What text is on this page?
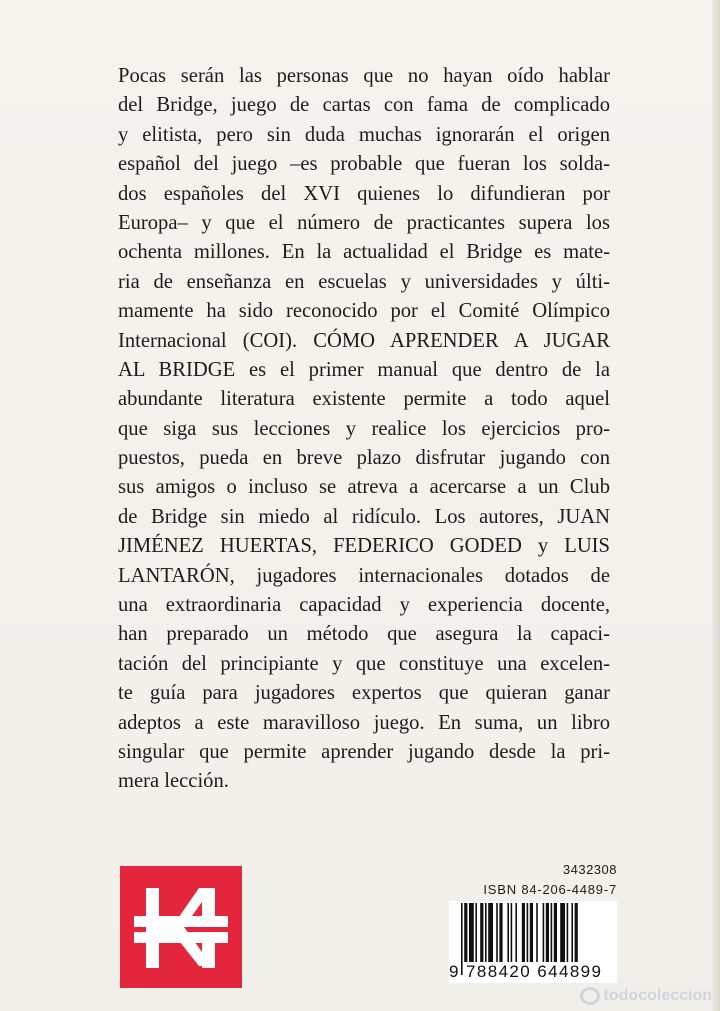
Pocas serán las personas que no hayan oído hablar
del Bridge, juego de cartas con fama de complicado
y elitista, pero sin duda muchas ignorarán el origen
español del juego –es probable que fueran los solda-
dos españoles del XVI quienes lo difundieran por
Europa– y que el número de practicantes supera los
ochenta millones. En la actualidad el Bridge es mate-
ria de enseñanza en escuelas y universidades y últi-
mamente ha sido reconocido por el Comité Olímpico
Internacional (COI). CÓMO APRENDER A JUGAR
AL BRIDGE es el primer manual que dentro de la
abundante literatura existente permite a todo aquel
que siga sus lecciones y realice los ejercicios pro-
puestos, pueda en breve plazo disfrutar jugando con
sus amigos o incluso se atreva a acercarse a un Club
de Bridge sin miedo al ridículo. Los autores, JUAN
JIMÉNEZ HUERTAS, FEDERICO GODED y LUIS
LANTARÓN, jugadores internacionales dotados de
una extraordinaria capacidad y experiencia docente,
han preparado un método que asegura la capaci-
tación del principiante y que constituye una excelen-
te guía para jugadores expertos que quieran ganar
adeptos a este maravilloso juego. En suma, un libro
singular que permite aprender jugando desde la pri-
mera lección.

3432308
ISBN 84-206-4489-7
9 788420 644899
todocoleccion
